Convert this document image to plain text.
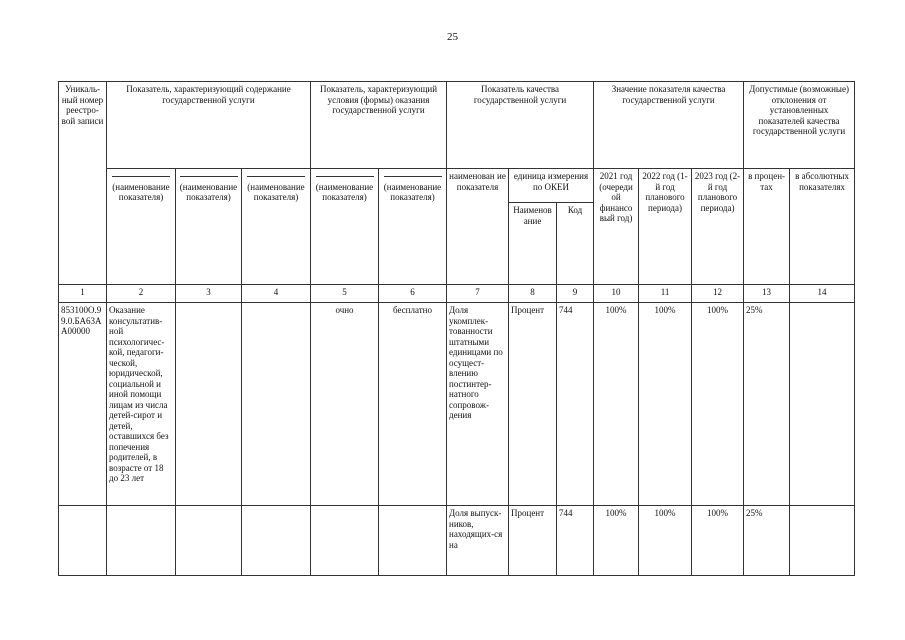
25
Уникаль-ный номер реестро-вой записи	Показатель, характеризующий содержание государственной услуги			Показатель, характеризующий условия (формы) оказания государственной услуги		Показатель качества государственной услуги			Значение показателя качества государственной услуги			Допустимые (возможные) отклонения от установленных показателей качества государственной услуги	

(наименование показателя)	(наименование показателя)	(наименование показателя)	(наименование показателя)	(наименование показателя)	наименован ие показателя	единица измерения по ОКЕИ		2021 год (очереди ой финансо вый год)	2022 год (1-й год планового периода)	2023 год (2-й год планового периода)	в процен-тах	в абсолютных показателях
							Наименов ание	Код					

1	2	3	4	5	6	7	8	9	10	11	12	13	14
853100О.99.0.БА63АА00000	Оказание консультатив-ной психологичес-кой, педагоги-ческой, юридической, социальной и иной помощи лицам из числа детей-сирот и детей, оставшихся без попечения родителей, в возрасте от 18 до 23 лет			очно	бесплатно	Доля укомплек-тованности штатными единицами по осущест-влению постинтер-натного сопровож-дения	Процент	744	100%	100%	100%	25%	
						Доля выпуск-ников, находящих-ся на	Процент	744	100%	100%	100%	25%	
